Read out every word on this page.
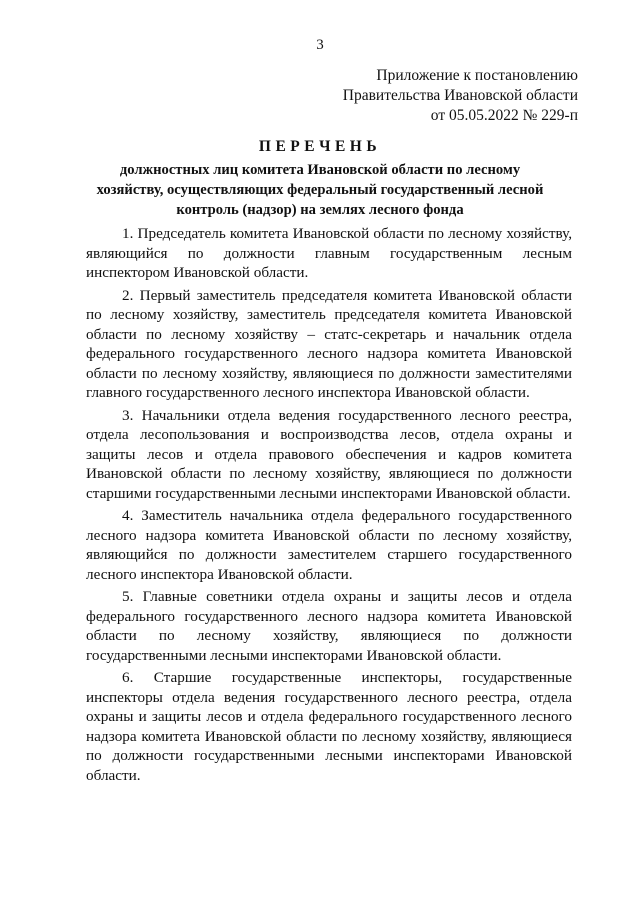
3
Приложение к постановлению
Правительства Ивановской области
от 05.05.2022 № 229-п
ПЕРЕЧЕНЬ
должностных лиц комитета Ивановской области по лесному хозяйству, осуществляющих федеральный государственный лесной контроль (надзор) на землях лесного фонда

1. Председатель комитета Ивановской области по лесному хозяйству, являющийся по должности главным государственным лесным инспектором Ивановской области.

2. Первый заместитель председателя комитета Ивановской области по лесному хозяйству, заместитель председателя комитета Ивановской области по лесному хозяйству – статс-секретарь и начальник отдела федерального государственного лесного надзора комитета Ивановской области по лесному хозяйству, являющиеся по должности заместителями главного государственного лесного инспектора Ивановской области.

3. Начальники отдела ведения государственного лесного реестра, отдела лесопользования и воспроизводства лесов, отдела охраны и защиты лесов и отдела правового обеспечения и кадров комитета Ивановской области по лесному хозяйству, являющиеся по должности старшими государственными лесными инспекторами Ивановской области.

4. Заместитель начальника отдела федерального государственного лесного надзора комитета Ивановской области по лесному хозяйству, являющийся по должности заместителем старшего государственного лесного инспектора Ивановской области.

5. Главные советники отдела охраны и защиты лесов и отдела федерального государственного лесного надзора комитета Ивановской области по лесному хозяйству, являющиеся по должности государственными лесными инспекторами Ивановской области.

6. Старшие государственные инспекторы, государственные инспекторы отдела ведения государственного лесного реестра, отдела охраны и защиты лесов и отдела федерального государственного лесного надзора комитета Ивановской области по лесному хозяйству, являющиеся по должности государственными лесными инспекторами Ивановской области.
